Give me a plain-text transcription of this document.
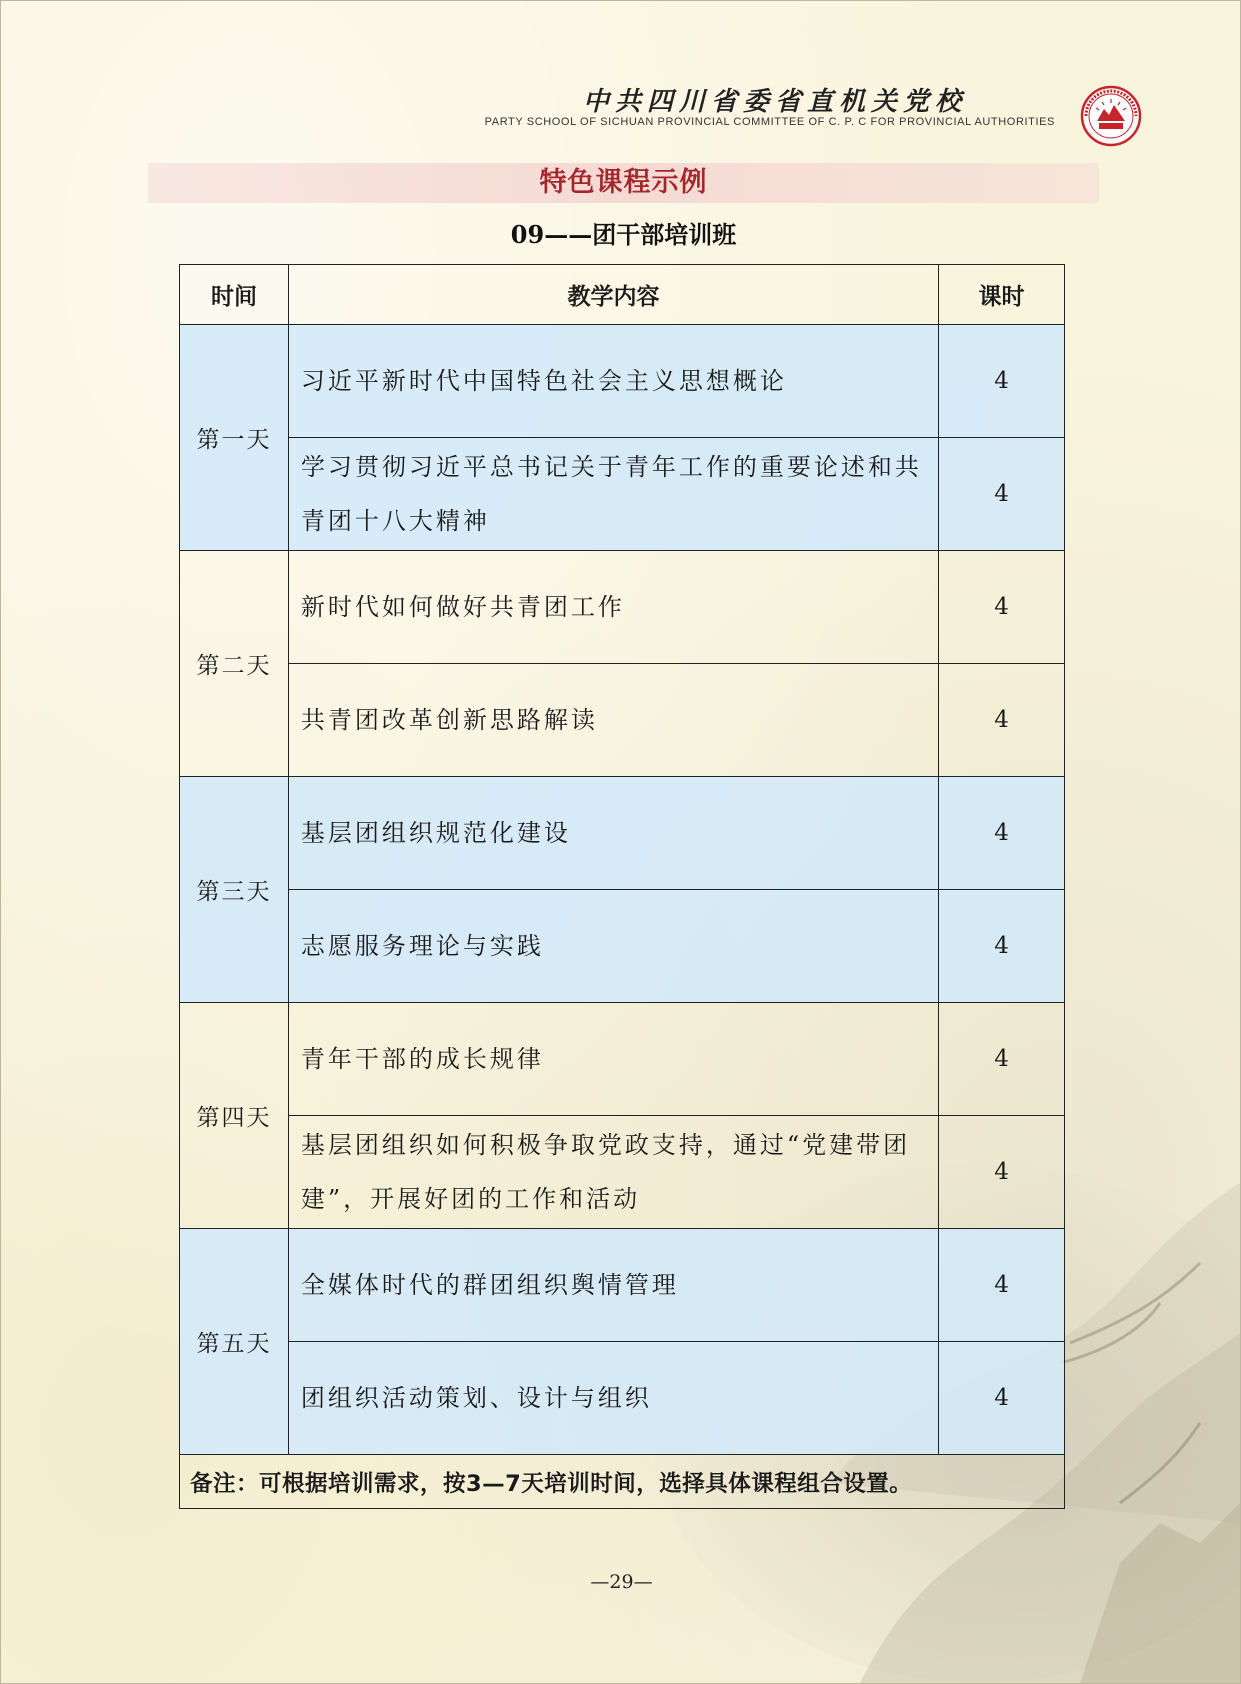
中共四川省委省直机关党校
PARTY SCHOOL OF SICHUAN PROVINCIAL COMMITTEE OF C. P. C FOR PROVINCIAL AUTHORITIES
特色课程示例
09——团干部培训班
时间	教学内容	课时
第一天	习近平新时代中国特色社会主义思想概论	4
	学习贯彻习近平总书记关于青年工作的重要论述和共青团十八大精神	4
第二天	新时代如何做好共青团工作	4
	共青团改革创新思路解读	4
第三天	基层团组织规范化建设	4
	志愿服务理论与实践	4
第四天	青年干部的成长规律	4
	基层团组织如何积极争取党政支持，通过“党建带团建”，开展好团的工作和活动	4
第五天	全媒体时代的群团组织舆情管理	4
	团组织活动策划、设计与组织	4
备注：可根据培训需求，按3—7天培训时间，选择具体课程组合设置。		
—29—
